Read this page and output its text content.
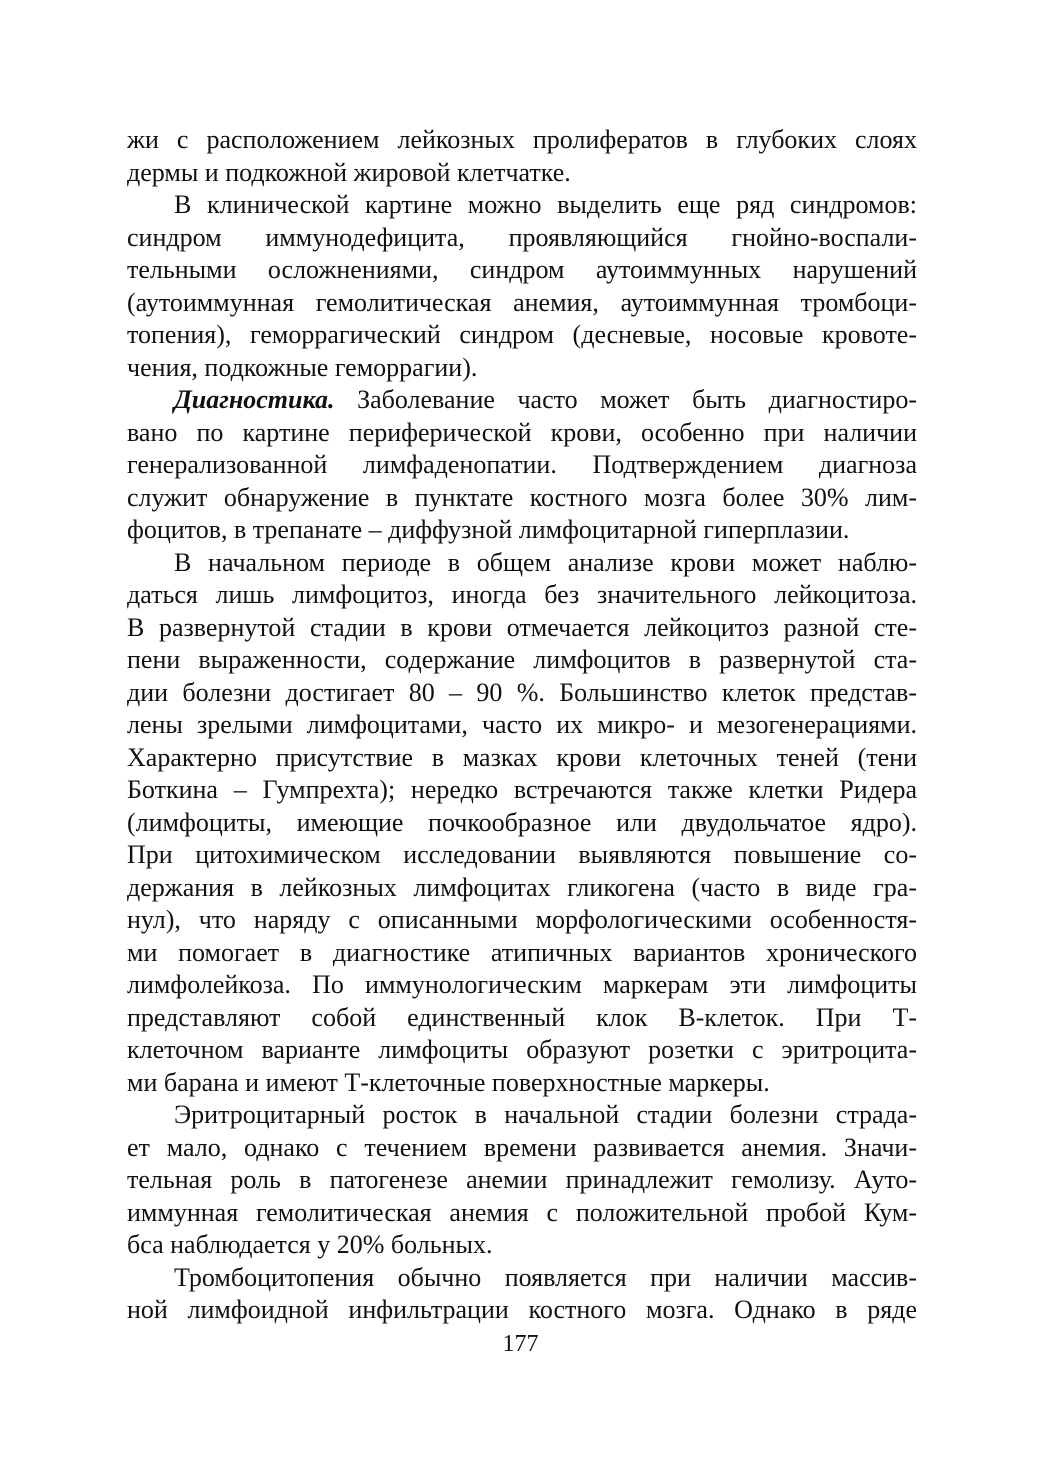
жи с расположением лейкозных пролифератов в глубоких слоях
дермы и подкожной жировой клетчатке.
В клинической картине можно выделить еще ряд синдромов:
синдром иммунодефицита, проявляющийся гнойно-воспали-
тельными осложнениями, синдром аутоиммунных нарушений
(аутоиммунная гемолитическая анемия, аутоиммунная тромбоци-
топения), геморрагический синдром (десневые, носовые кровоте-
чения, подкожные геморрагии).
Диагностика. Заболевание часто может быть диагностиро-
вано по картине периферической крови, особенно при наличии
генерализованной лимфаденопатии. Подтверждением диагноза
служит обнаружение в пунктате костного мозга более 30% лим-
фоцитов, в трепанате – диффузной лимфоцитарной гиперплазии.
В начальном периоде в общем анализе крови может наблю-
даться лишь лимфоцитоз, иногда без значительного лейкоцитоза.
В развернутой стадии в крови отмечается лейкоцитоз разной сте-
пени выраженности, содержание лимфоцитов в развернутой ста-
дии болезни достигает 80 – 90 %. Большинство клеток представ-
лены зрелыми лимфоцитами, часто их микро- и мезогенерациями.
Характерно присутствие в мазках крови клеточных теней (тени
Боткина – Гумпрехта); нередко встречаются также клетки Ридера
(лимфоциты, имеющие почкообразное или двудольчатое ядро).
При цитохимическом исследовании выявляются повышение со-
держания в лейкозных лимфоцитах гликогена (часто в виде гра-
нул), что наряду с описанными морфологическими особенностя-
ми помогает в диагностике атипичных вариантов хронического
лимфолейкоза. По иммунологическим маркерам эти лимфоциты
представляют собой единственный клок В-клеток. При Т-
клеточном варианте лимфоциты образуют розетки с эритроцита-
ми барана и имеют Т-клеточные поверхностные маркеры.
Эритроцитарный росток в начальной стадии болезни страда-
ет мало, однако с течением времени развивается анемия. Значи-
тельная роль в патогенезе анемии принадлежит гемолизу. Ауто-
иммунная гемолитическая анемия с положительной пробой Кум-
бса наблюдается у 20% больных.
Тромбоцитопения обычно появляется при наличии массив-
ной лимфоидной инфильтрации костного мозга. Однако в ряде
177
